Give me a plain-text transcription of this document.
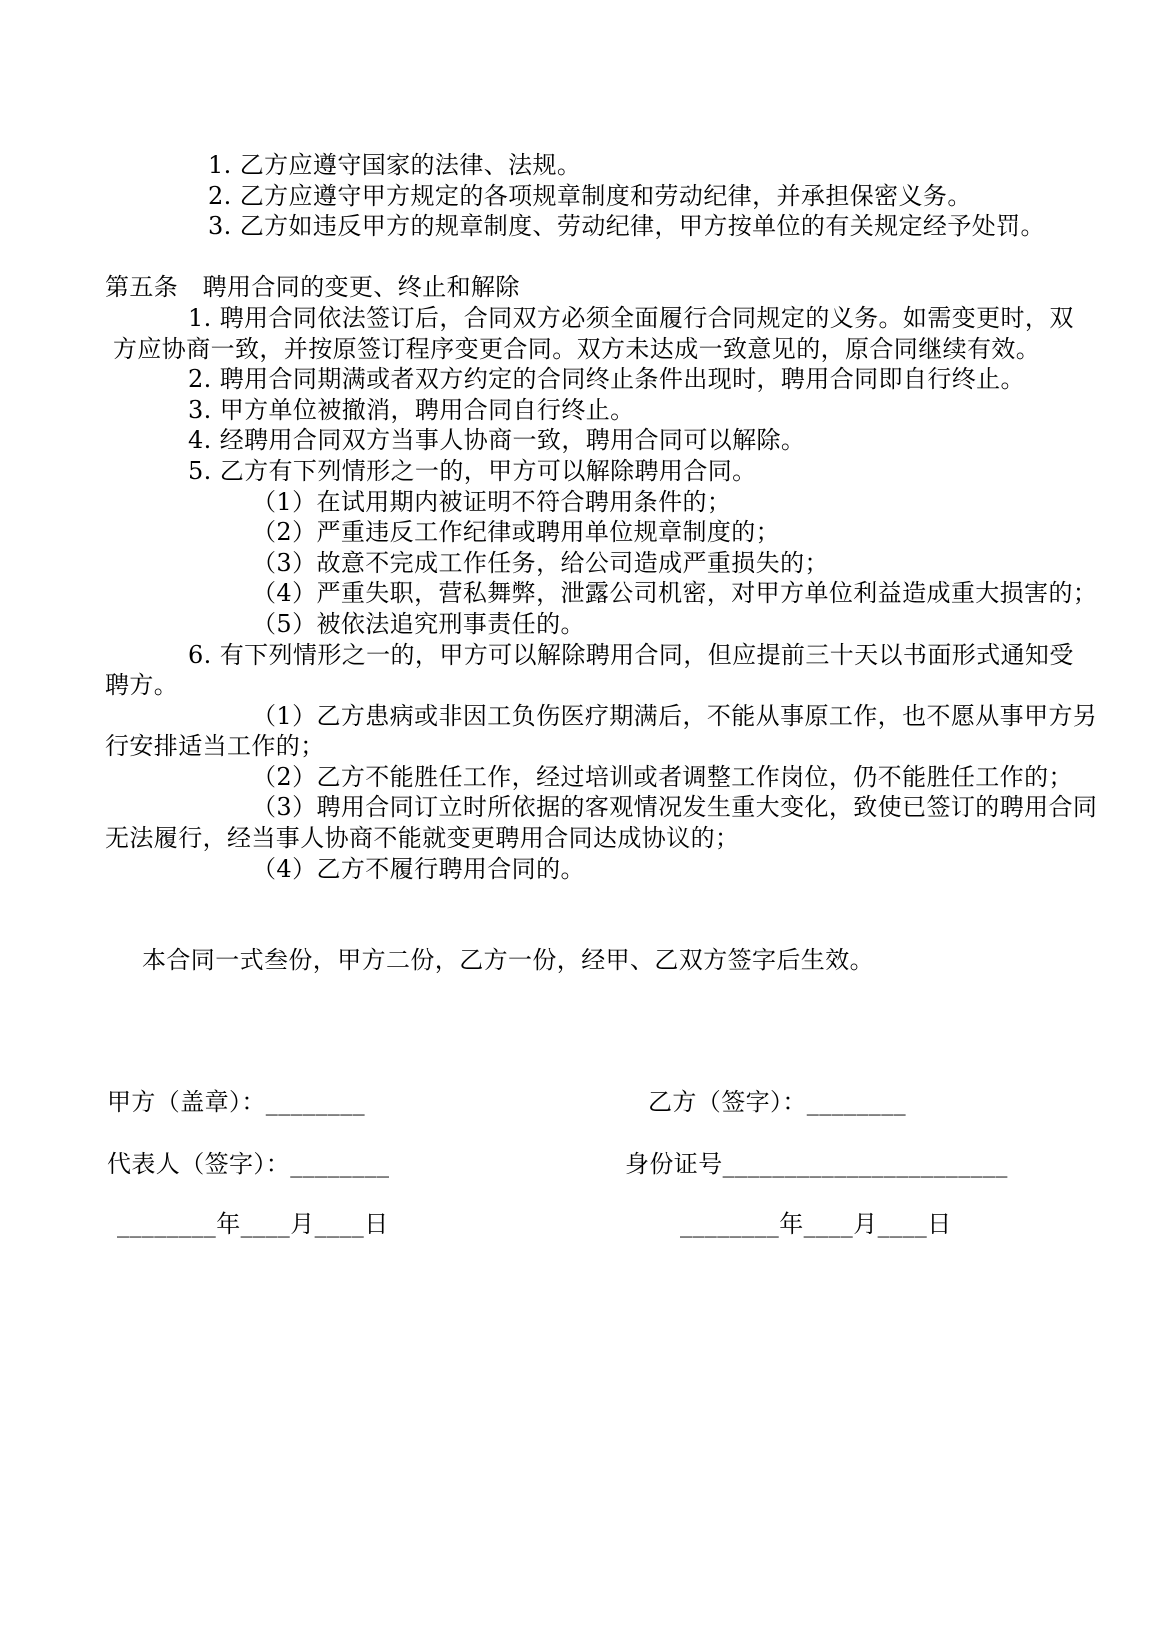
1. 乙方应遵守国家的法律、法规。
2. 乙方应遵守甲方规定的各项规章制度和劳动纪律，并承担保密义务。
3. 乙方如违反甲方的规章制度、劳动纪律，甲方按单位的有关规定经予处罚。
第五条　聘用合同的变更、终止和解除
1. 聘用合同依法签订后，合同双方必须全面履行合同规定的义务。如需变更时，双
方应协商一致，并按原签订程序变更合同。双方未达成一致意见的，原合同继续有效。
2. 聘用合同期满或者双方约定的合同终止条件出现时，聘用合同即自行终止。
3. 甲方单位被撤消，聘用合同自行终止。
4. 经聘用合同双方当事人协商一致，聘用合同可以解除。
5. 乙方有下列情形之一的，甲方可以解除聘用合同。
（1）在试用期内被证明不符合聘用条件的；
（2）严重违反工作纪律或聘用单位规章制度的；
（3）故意不完成工作任务，给公司造成严重损失的；
（4）严重失职，营私舞弊，泄露公司机密，对甲方单位利益造成重大损害的；
（5）被依法追究刑事责任的。
6. 有下列情形之一的，甲方可以解除聘用合同，但应提前三十天以书面形式通知受
聘方。
（1）乙方患病或非因工负伤医疗期满后，不能从事原工作，也不愿从事甲方另
行安排适当工作的；
（2）乙方不能胜任工作，经过培训或者调整工作岗位，仍不能胜任工作的；
（3）聘用合同订立时所依据的客观情况发生重大变化，致使已签订的聘用合同
无法履行，经当事人协商不能就变更聘用合同达成协议的；
（4）乙方不履行聘用合同的。
本合同一式叁份，甲方二份，乙方一份，经甲、乙双方签字后生效。

甲方（盖章）：________

	乙方（签字）：________

代表人（签字）：________

	身份证号_______________________

________年____月____日

	________年____月____日
